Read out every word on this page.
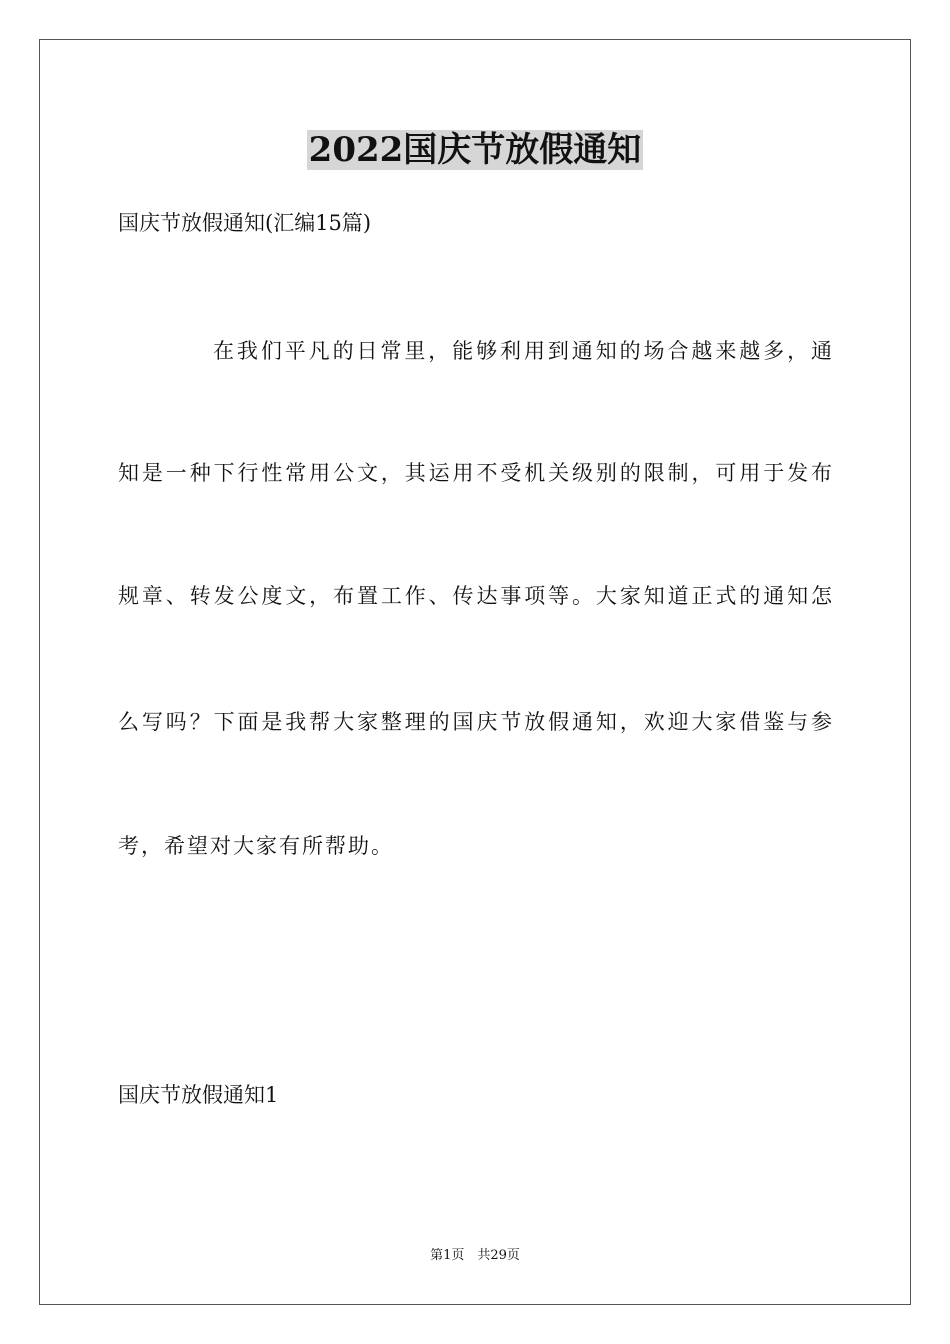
2022国庆节放假通知
国庆节放假通知(汇编15篇)
在我们平凡的日常里，能够利用到通知的场合越来越多，通
知是一种下行性常用公文，其运用不受机关级别的限制，可用于发布
规章、转发公度文，布置工作、传达事项等。大家知道正式的通知怎
么写吗？下面是我帮大家整理的国庆节放假通知，欢迎大家借鉴与参
考，希望对大家有所帮助。
国庆节放假通知1
第1页　共29页
